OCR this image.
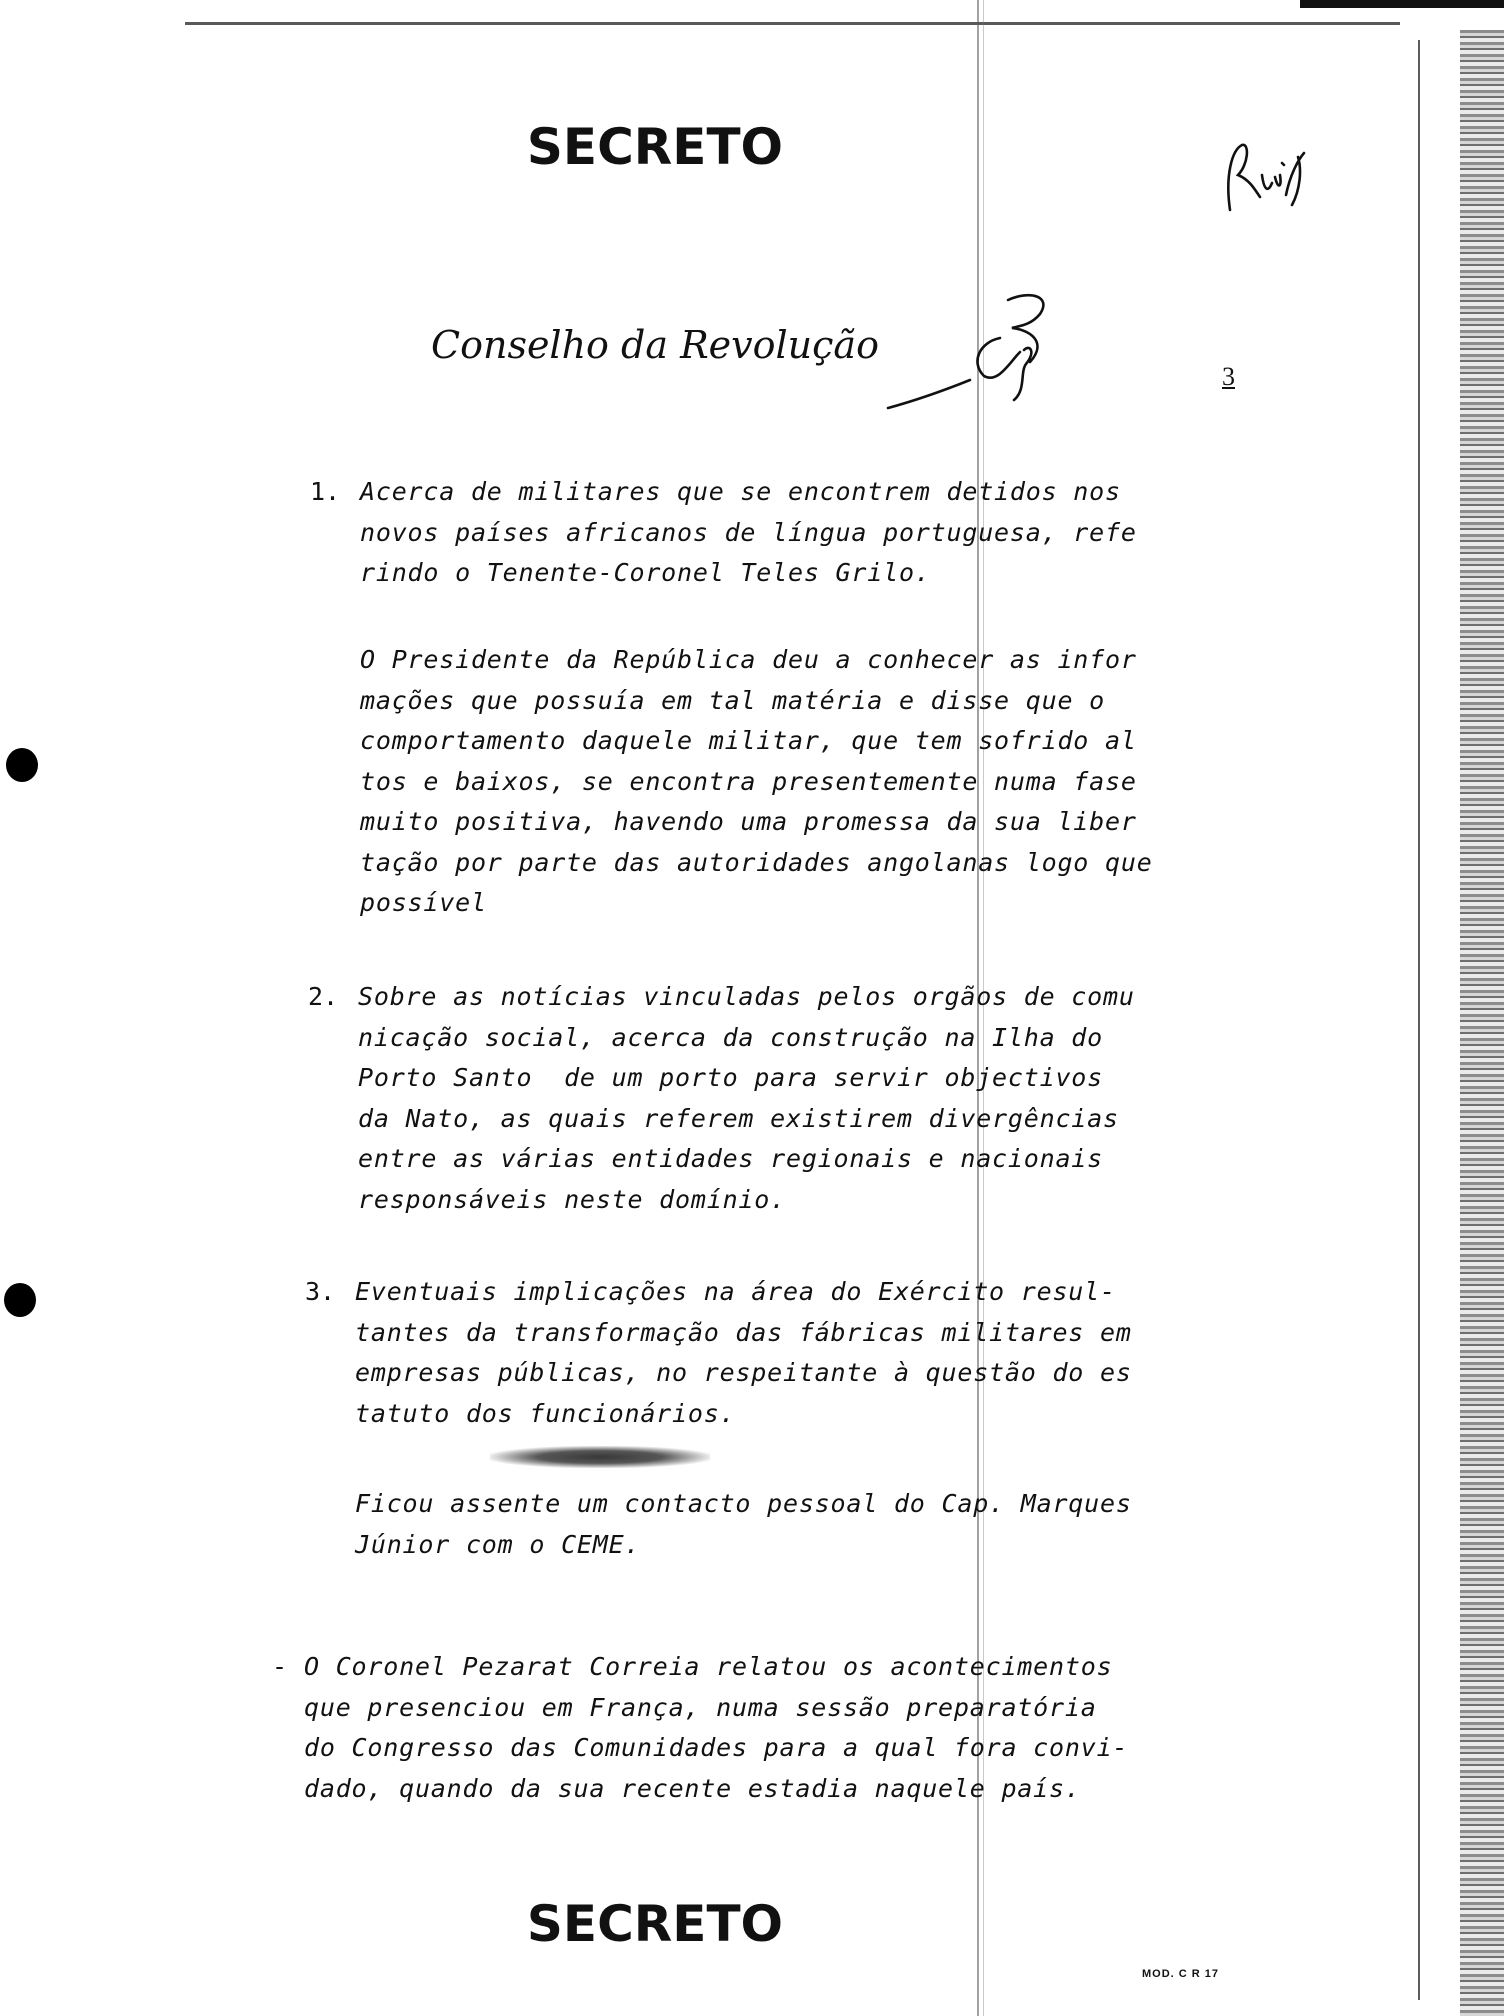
SECRETO
Conselho da Revolução
3
1. Acerca de militares que se encontrem detidos nos
novos países africanos de língua portuguesa, refe
rindo o Tenente-Coronel Teles Grilo.
O Presidente da República deu a conhecer as infor
mações que possuía em tal matéria e disse que o
comportamento daquele militar, que tem sofrido al
tos e baixos, se encontra presentemente numa fase
muito positiva, havendo uma promessa da sua liber
tação por parte das autoridades angolanas logo que
possível
2. Sobre as notícias vinculadas pelos orgãos de comu
nicação social, acerca da construção na Ilha do
Porto Santo  de um porto para servir objectivos
da Nato, as quais referem existirem divergências
entre as várias entidades regionais e nacionais
responsáveis neste domínio.
3. Eventuais implicações na área do Exército resul-
tantes da transformação das fábricas militares em
empresas públicas, no respeitante à questão do es
tatuto dos funcionários.
Ficou assente um contacto pessoal do Cap. Marques
Júnior com o CEME.
- O Coronel Pezarat Correia relatou os acontecimentos
que presenciou em França, numa sessão preparatória
do Congresso das Comunidades para a qual fora convi-
dado, quando da sua recente estadia naquele país.
SECRETO
MOD. C R 17
